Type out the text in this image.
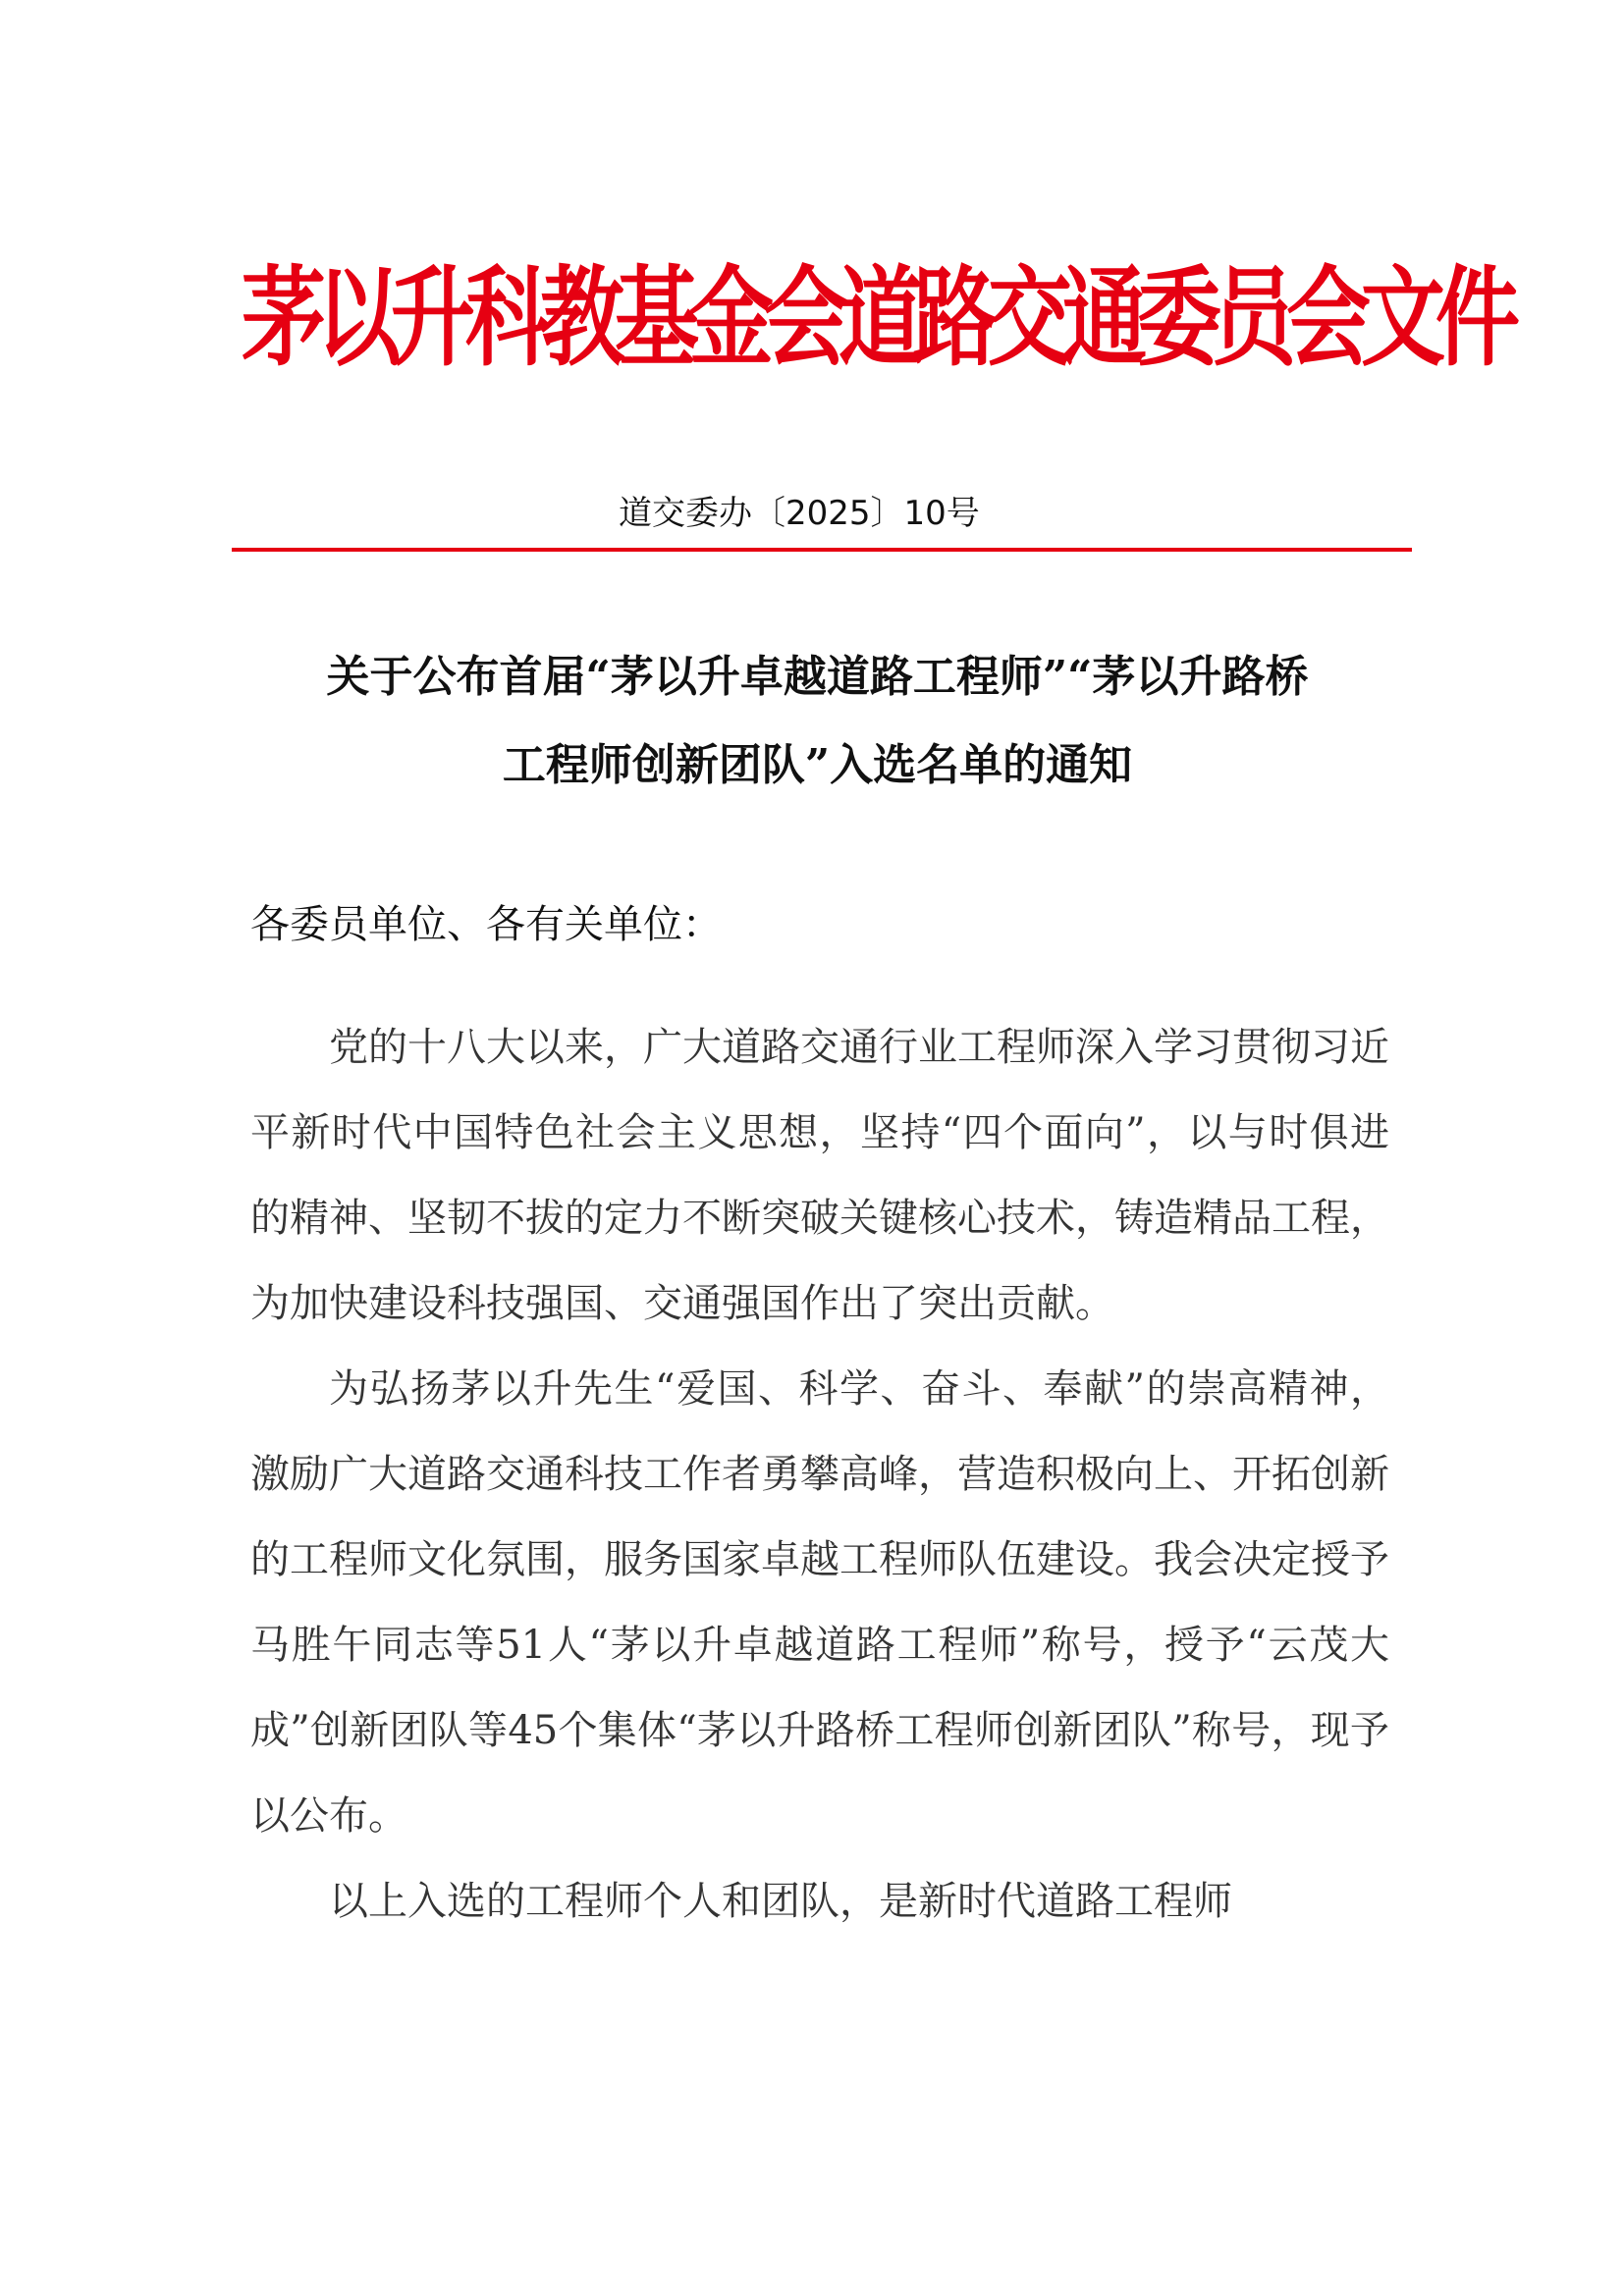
茅以升科教基金会道路交通委员会文件
道交委办〔2025〕10号
关于公布首届“茅以升卓越道路工程师”“茅以升路桥
工程师创新团队”入选名单的通知
各委员单位、各有关单位：

党的十八大以来，广大道路交通行业工程师深入学习贯彻习近平新时代中国特色社会主义思想，坚持“四个面向”，以与时俱进的精神、坚韧不拔的定力不断突破关键核心技术，铸造精品工程，为加快建设科技强国、交通强国作出了突出贡献。

为弘扬茅以升先生“爱国、科学、奋斗、奉献”的崇高精神，激励广大道路交通科技工作者勇攀高峰，营造积极向上、开拓创新的工程师文化氛围，服务国家卓越工程师队伍建设。我会决定授予马胜午同志等51人“茅以升卓越道路工程师”称号，授予“云茂大成”创新团队等45个集体“茅以升路桥工程师创新团队”称号，现予以公布。

以上入选的工程师个人和团队，是新时代道路工程师
